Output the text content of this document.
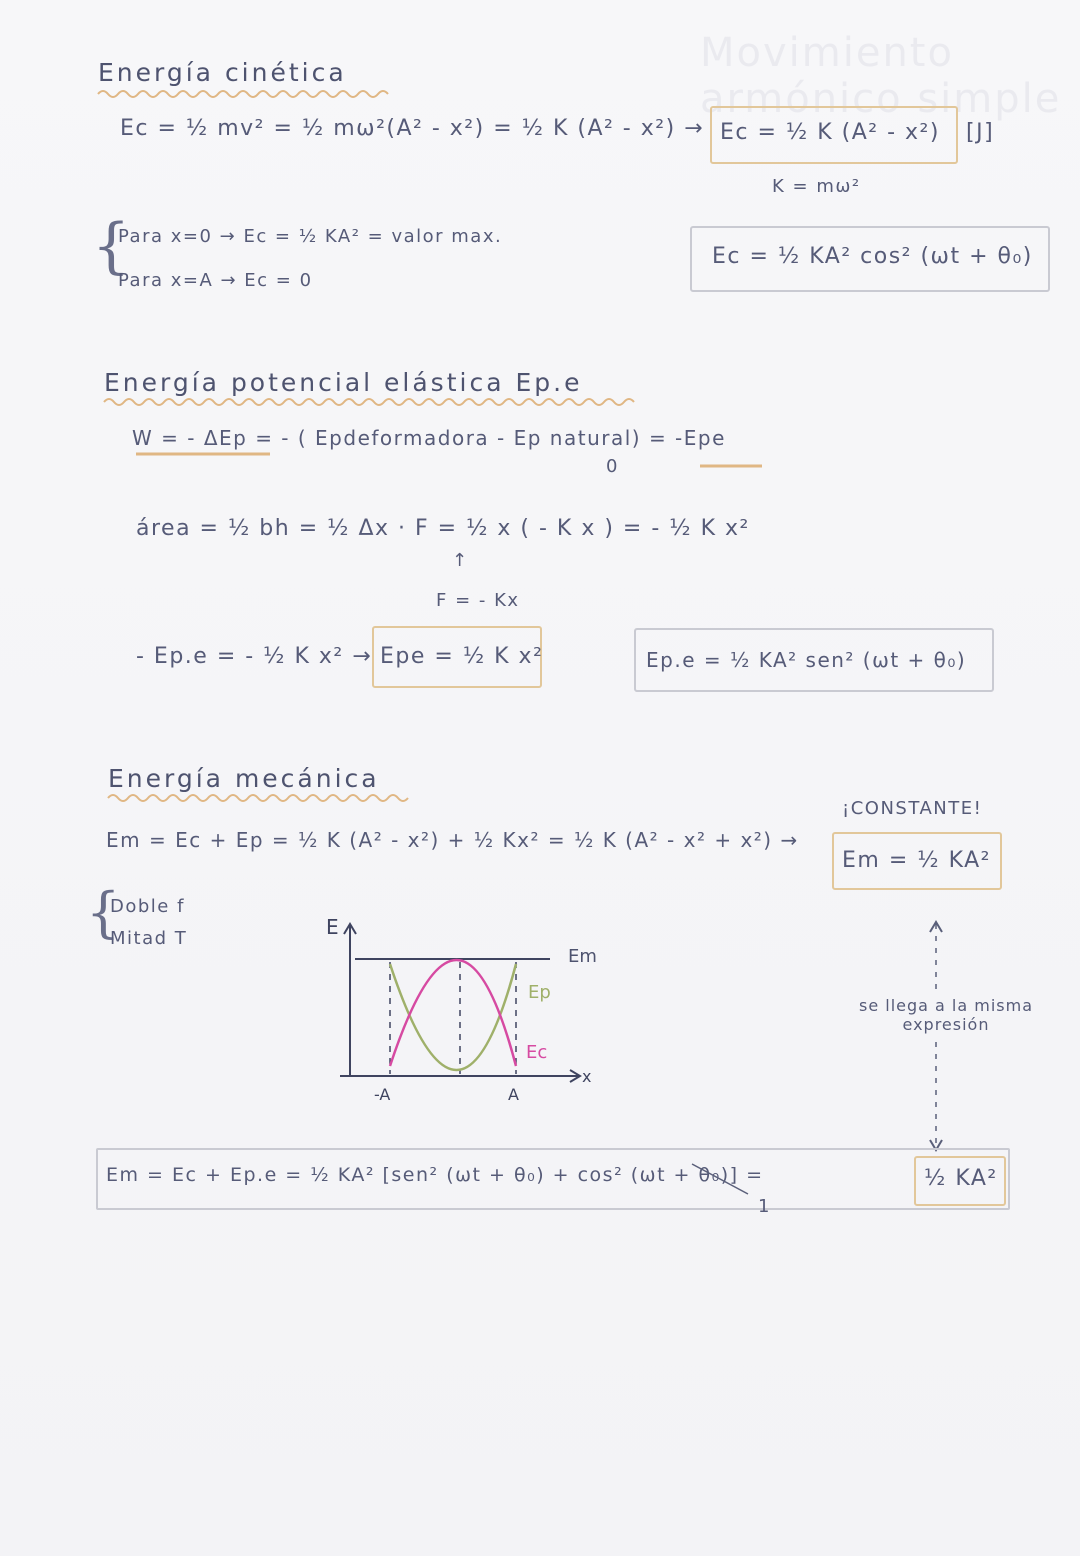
Movimiento armónico simple
Energía cinética
Ec = ½ mv² = ½ mω²(A² - x²) = ½ K (A² - x²) → Ec = ½ K (A² - x²) [J]
K = mω²
{
Para x=0 → Ec = ½ KA² = valor max.
Para x=A → Ec = 0
Ec = ½ KA² cos² (ωt + θ₀)
Energía potencial elástica Ep.e
W = - ΔEp = - ( Epdeformadora - Ep natural) = -Epe
0
área = ½ bh = ½ Δx · F = ½ x ( - K x ) = - ½ K x²
↑
F = - Kx
- Ep.e = - ½ K x² → Epe = ½ K x²	Ep.e = ½ KA² sen² (ωt + θ₀)
Energía mecánica
¡CONSTANTE!
Em = Ec + Ep = ½ K (A² - x²) + ½ Kx² = ½ K (A² - x² + x²) →
Em = ½ KA²
{
Doble f
Mitad T	E
x
Em
Ep
Ec
-A	A
se llega a la misma expresión
Em = Ec + Ep.e = ½ KA² [sen² (ωt + θ₀) + cos² (ωt + θ₀)] =
1
½ KA²
